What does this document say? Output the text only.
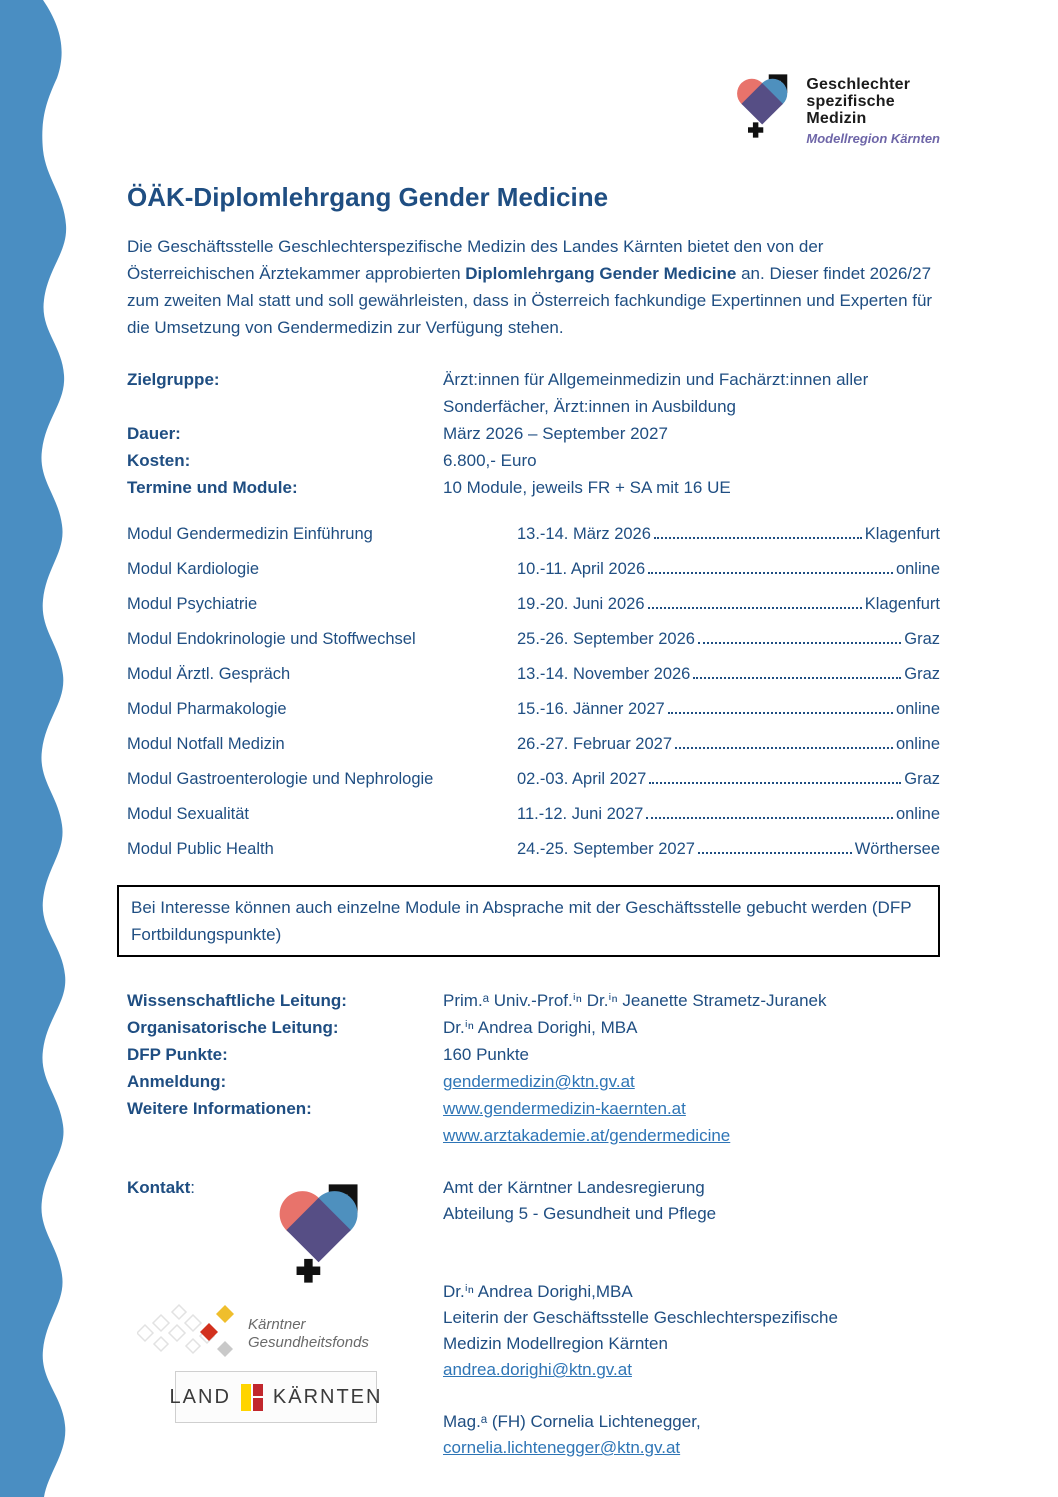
Geschlechter
spezifische
Medizin
Modellregion Kärnten
ÖÄK-Diplomlehrgang Gender Medicine

Die Geschäftsstelle Geschlechterspezifische Medizin des Landes Kärnten bietet den von der Österreichischen Ärztekammer approbierten Diplomlehrgang Gender Medicine an. Dieser findet 2026/27 zum zweiten Mal statt und soll gewährleisten, dass in Österreich fachkundige Expertinnen und Experten für die Umsetzung von Gendermedizin zur Verfügung stehen.

Zielgruppe:	Ärzt:innen für Allgemeinmedizin und Fachärzt:innen aller Sonderfächer, Ärzt:innen in Ausbildung
Dauer:	März 2026 – September 2027
Kosten:	6.800,- Euro
Termine und Module:	10 Module, jeweils FR + SA mit 16 UE
Modul Gendermedizin Einführung	13.-14. März 2026	Klagenfurt
Modul Kardiologie	10.-11. April 2026	online
Modul Psychiatrie	19.-20. Juni 2026	Klagenfurt
Modul Endokrinologie und Stoffwechsel	25.-26. September 2026	Graz
Modul Ärztl. Gespräch	13.-14. November 2026	Graz
Modul Pharmakologie	15.-16. Jänner 2027	online
Modul Notfall Medizin	26.-27. Februar 2027	online
Modul Gastroenterologie und Nephrologie	02.-03. April 2027	Graz
Modul Sexualität	11.-12. Juni 2027	online
Modul Public Health	24.-25. September 2027	Wörthersee
Bei Interesse können auch einzelne Module in Absprache mit der Geschäftsstelle gebucht werden (DFP Fortbildungspunkte)
Wissenschaftliche Leitung:	Prim.ᵃ Univ.-Prof.ⁱⁿ Dr.ⁱⁿ Jeanette Strametz-Juranek
Organisatorische Leitung:	Dr.ⁱⁿ Andrea Dorighi, MBA
DFP Punkte:	160 Punkte
Anmeldung:	gendermedizin@ktn.gv.at
Weitere Informationen:	www.gendermedizin-kaernten.at
www.arztakademie.at/gendermedicine
Kontakt:
Kärntner
Gesundheitsfonds
LAND KÄRNTEN
Amt der Kärntner Landesregierung
Abteilung 5 - Gesundheit und Pflege
Dr.ⁱⁿ Andrea Dorighi,MBA
Leiterin der Geschäftsstelle Geschlechterspezifische
Medizin Modellregion Kärnten
andrea.dorighi@ktn.gv.at
Mag.ᵃ (FH) Cornelia Lichtenegger,
cornelia.lichtenegger@ktn.gv.at
